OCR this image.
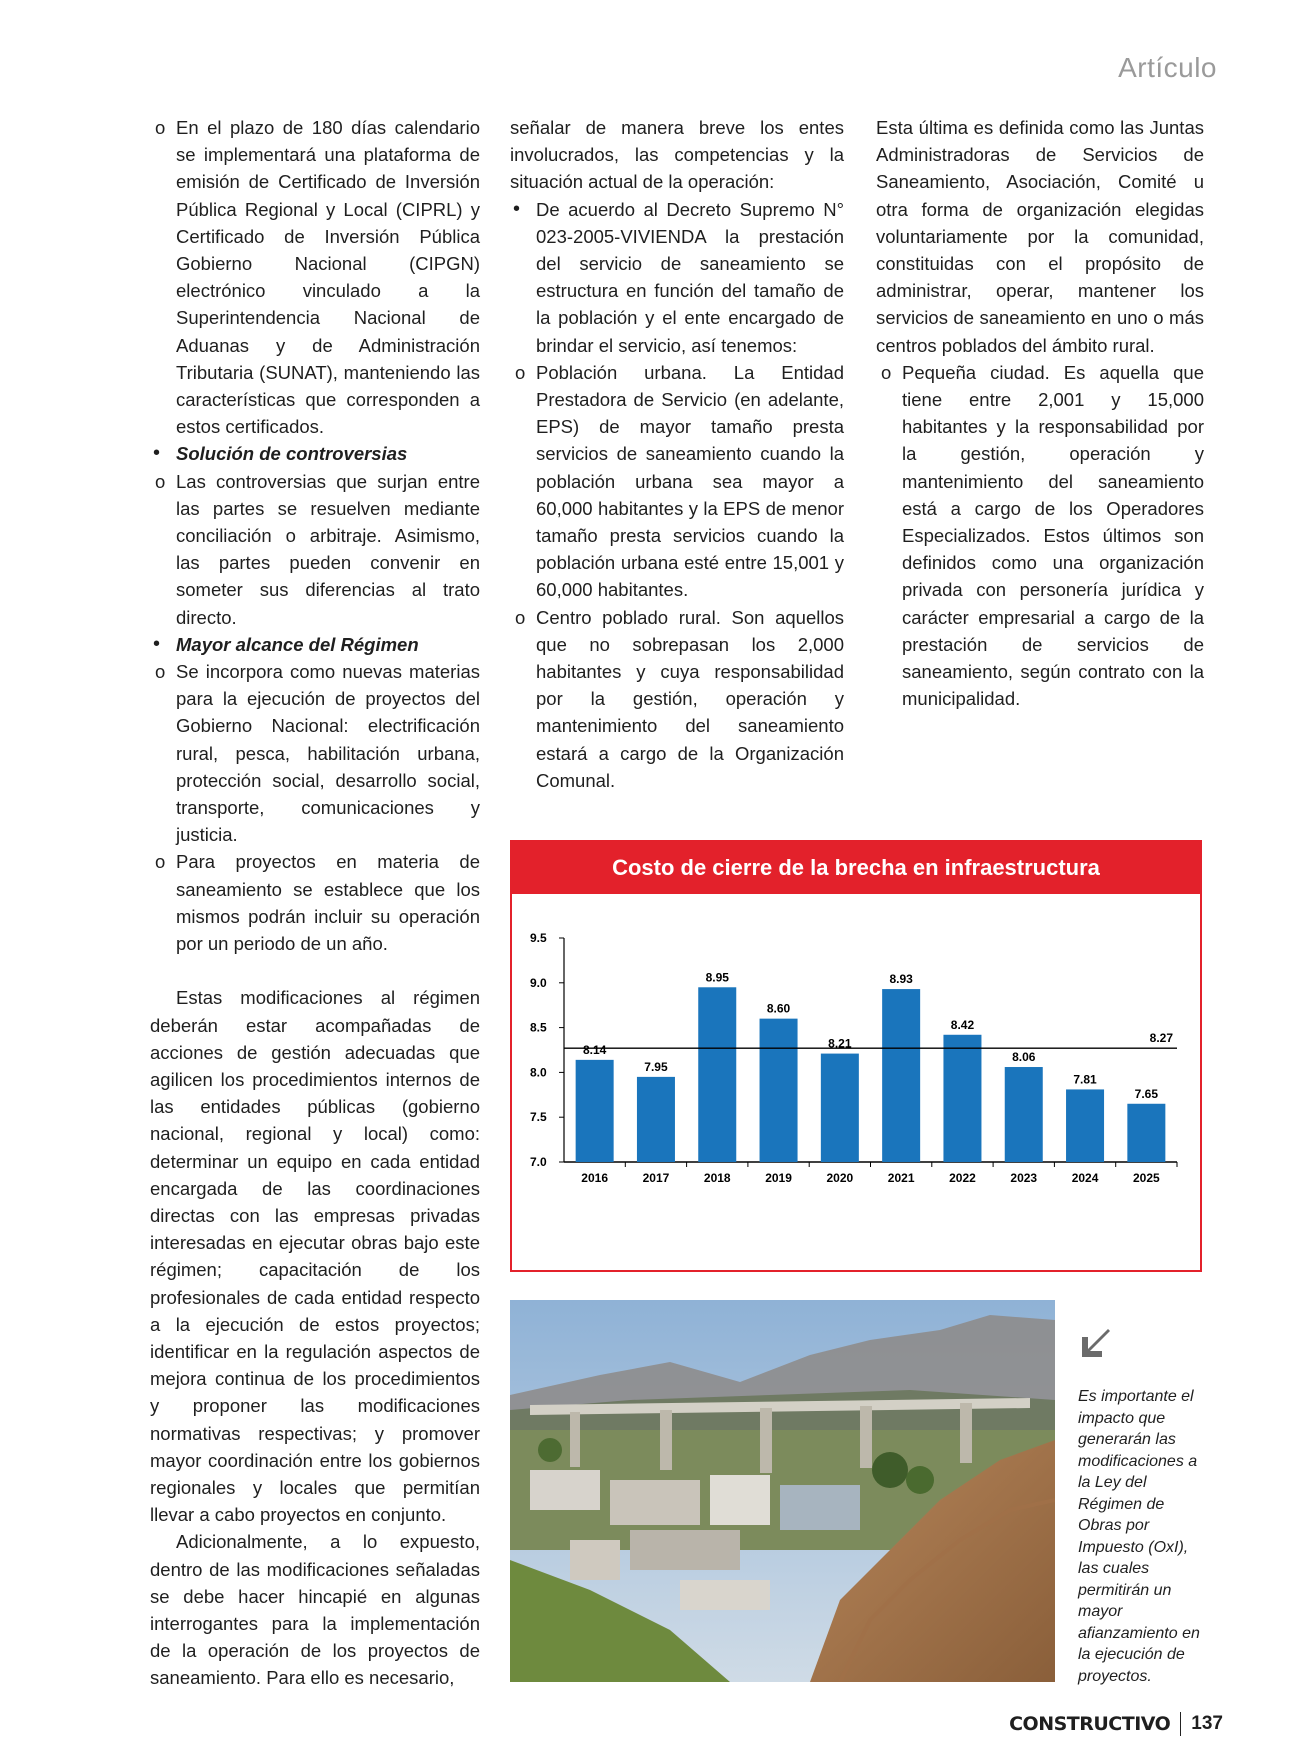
Artículo
o En el plazo de 180 días calendario se implementará una plataforma de emisión de Certificado de Inversión Pública Regional y Local (CIPRL) y Certificado de Inversión Pública Gobierno Nacional (CIPGN) electrónico vinculado a la Superintendencia Nacional de Aduanas y de Administración Tributaria (SUNAT), manteniendo las características que corresponden a estos certificados.
• Solución de controversias
o Las controversias que surjan entre las partes se resuelven mediante conciliación o arbitraje. Asimismo, las partes pueden convenir en someter sus diferencias al trato directo.
• Mayor alcance del Régimen
o Se incorpora como nuevas materias para la ejecución de proyectos del Gobierno Nacional: electrificación rural, pesca, habilitación urbana, protección social, desarrollo social, transporte, comunicaciones y justicia.
o Para proyectos en materia de saneamiento se establece que los mismos podrán incluir su operación por un periodo de un año.

Estas modificaciones al régimen deberán estar acompañadas de acciones de gestión adecuadas que agilicen los procedimientos internos de las entidades públicas (gobierno nacional, regional y local) como: determinar un equipo en cada entidad encargada de las coordinaciones directas con las empresas privadas interesadas en ejecutar obras bajo este régimen; capacitación de los profesionales de cada entidad respecto a la ejecución de estos proyectos; identificar en la regulación aspectos de mejora continua de los procedimientos y proponer las modificaciones normativas respectivas; y promover mayor coordinación entre los gobiernos regionales y locales que permitían llevar a cabo proyectos en conjunto.

Adicionalmente, a lo expuesto, dentro de las modificaciones señaladas se debe hacer hincapié en algunas interrogantes para la implementación de la operación de los proyectos de saneamiento. Para ello es necesario,

señalar de manera breve los entes involucrados, las competencias y la situación actual de la operación:

• De acuerdo al Decreto Supremo N° 023-2005-VIVIENDA la prestación del servicio de saneamiento se estructura en función del tamaño de la población y el ente encargado de brindar el servicio, así tenemos:
o Población urbana. La Entidad Prestadora de Servicio (en adelante, EPS) de mayor tamaño presta servicios de saneamiento cuando la población urbana sea mayor a 60,000 habitantes y la EPS de menor tamaño presta servicios cuando la población urbana esté entre 15,001 y 60,000 habitantes.
o Centro poblado rural. Son aquellos que no sobrepasan los 2,000 habitantes y cuya responsabilidad por la gestión, operación y mantenimiento del saneamiento estará a cargo de la Organización Comunal.

Esta última es definida como las Juntas Administradoras de Servicios de Saneamiento, Asociación, Comité u otra forma de organización elegidas voluntariamente por la comunidad, constituidas con el propósito de administrar, operar, mantener los servicios de saneamiento en uno o más centros poblados del ámbito rural.

o Pequeña ciudad. Es aquella que tiene entre 2,001 y 15,000 habitantes y la responsabilidad por la gestión, operación y mantenimiento del saneamiento está a cargo de los Operadores Especializados. Estos últimos son definidos como una organización privada con personería jurídica y carácter empresarial a cargo de la prestación de servicios de saneamiento, según contrato con la municipalidad.
Costo de cierre de la brecha en infraestructura
7.0
7.5
8.0
8.5
9.0
9.5
8.14
2016
7.95
2017
8.95
2018
8.60
2019
8.21
2020
8.93
2021
8.42
2022
8.06
2023
7.81
2024
7.65
2025
8.27
Es importante el impacto que generarán las modificaciones a la Ley del Régimen de Obras por Impuesto (OxI), las cuales permitirán un mayor afianzamiento en la ejecución de proyectos.
CONSTRUCTIVO 137
